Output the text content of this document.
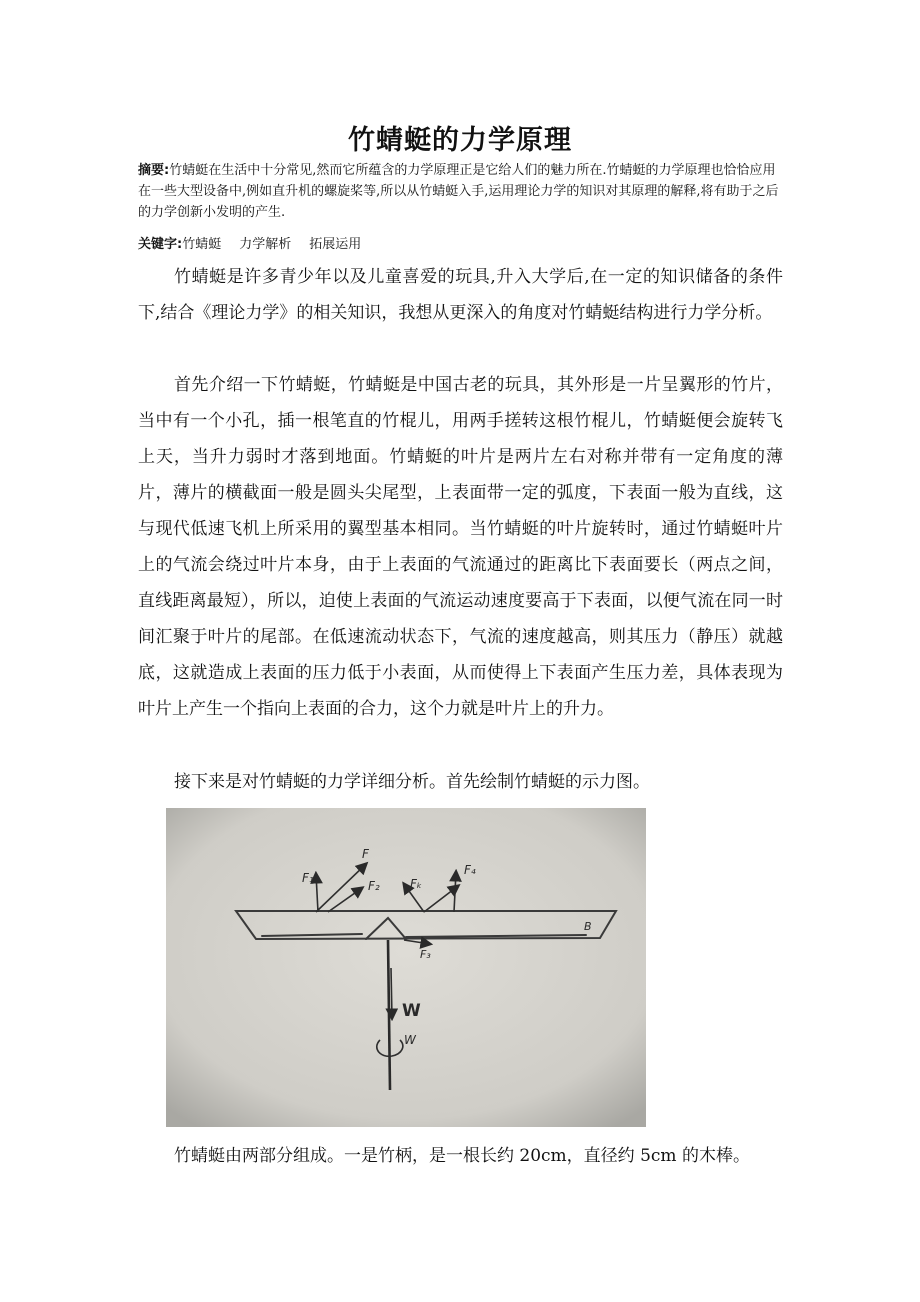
竹蜻蜓的力学原理
摘要:竹蜻蜓在生活中十分常见,然而它所蕴含的力学原理正是它给人们的魅力所在.竹蜻蜓的力学原理也恰恰应用在一些大型设备中,例如直升机的螺旋桨等,所以从竹蜻蜓入手,运用理论力学的知识对其原理的解释,将有助于之后的力学创新小发明的产生.
关键字:竹蜻蜓 力学解析 拓展运用

竹蜻蜓是许多青少年以及儿童喜爱的玩具,升入大学后,在一定的知识储备的条件下,结合《理论力学》的相关知识，我想从更深入的角度对竹蜻蜓结构进行力学分析。

首先介绍一下竹蜻蜓，竹蜻蜓是中国古老的玩具，其外形是一片呈翼形的竹片，当中有一个小孔，插一根笔直的竹棍儿，用两手搓转这根竹棍儿，竹蜻蜓便会旋转飞上天，当升力弱时才落到地面。竹蜻蜓的叶片是两片左右对称并带有一定角度的薄片，薄片的横截面一般是圆头尖尾型，上表面带一定的弧度，下表面一般为直线，这与现代低速飞机上所采用的翼型基本相同。当竹蜻蜓的叶片旋转时，通过竹蜻蜓叶片上的气流会绕过叶片本身，由于上表面的气流通过的距离比下表面要长（两点之间，直线距离最短），所以，迫使上表面的气流运动速度要高于下表面，以便气流在同一时间汇聚于叶片的尾部。在低速流动状态下，气流的速度越高，则其压力（静压）就越底，这就造成上表面的压力低于小表面，从而使得上下表面产生压力差，具体表现为叶片上产生一个指向上表面的合力，这个力就是叶片上的升力。

接下来是对竹蜻蜓的力学详细分析。首先绘制竹蜻蜓的示力图。

F₁
F
F₂	Fₖ
F₄
F₃
B
W
W

竹蜻蜓由两部分组成。一是竹柄，是一根长约 20cm，直径约 5cm 的木棒。
